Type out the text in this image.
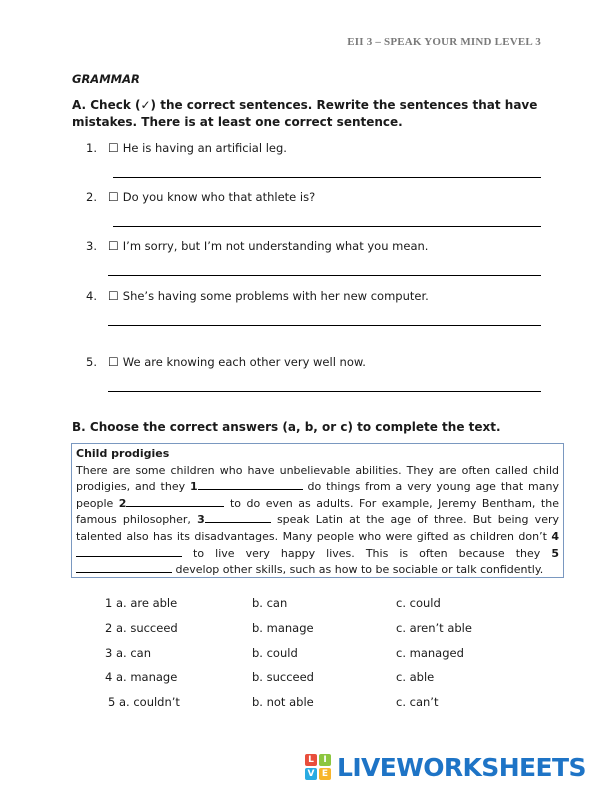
EII 3 – SPEAK YOUR MIND LEVEL 3
GRAMMAR
A. Check (✓) the correct sentences. Rewrite the sentences that have mistakes. There is at least one correct sentence.
1. ☐ He is having an artificial leg.
2. ☐ Do you know who that athlete is?
3. ☐ I’m sorry, but I’m not understanding what you mean.
4. ☐ She’s having some problems with her new computer.
5. ☐ We are knowing each other very well now.
B. Choose the correct answers (a, b, or c) to complete the text.
Child prodigies
There are some children who have unbelievable abilities. They are often called child prodigies, and they 1	do things from a very young age that many people 2	to do even as adults. For example, Jeremy Bentham, the famous philosopher, 3	speak Latin at the age of three. But being very talented also has its disadvantages. Many people who were gifted as children don’t 4 to live very happy lives. This is often because they 5 develop other skills, such as how to be sociable or talk confidently.
1 a. are able	b. can	c. could
2 a. succeed	b. manage	c. aren’t able
3 a. can	b. could	c. managed
4 a. manage	b. succeed	c. able
5 a. couldn’t	b. not able	c. can’t
L	I
V E LIVEWORKSHEETS
